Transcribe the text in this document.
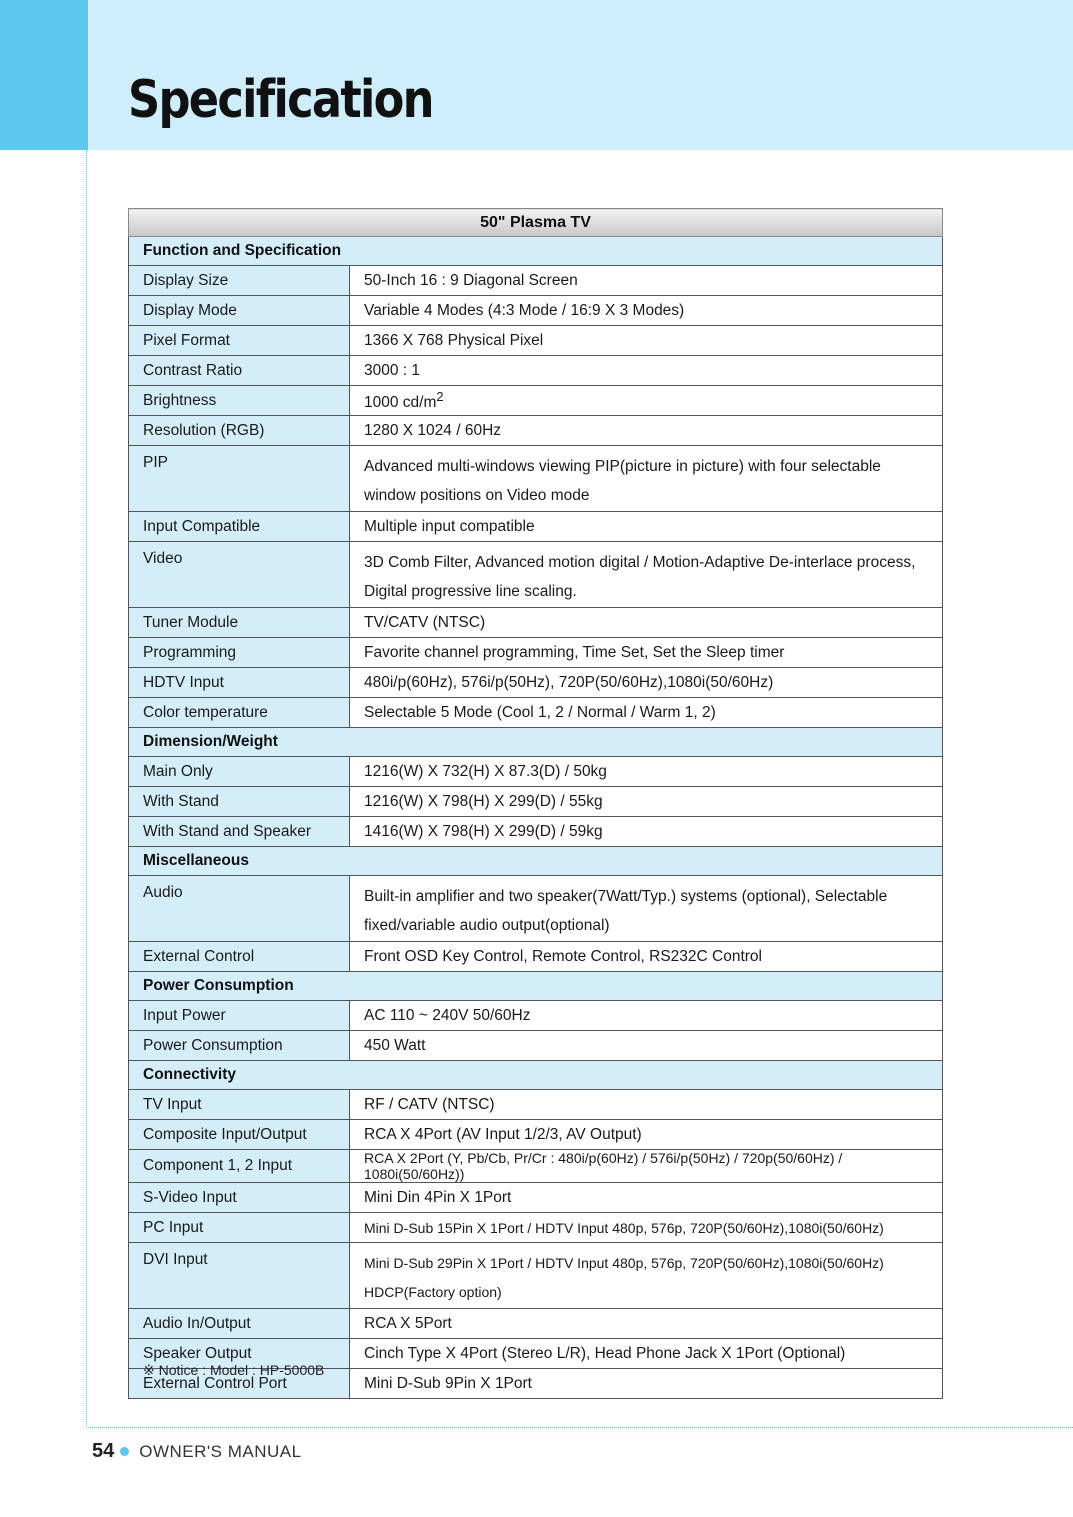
Specification
50" Plasma TV	
Function and Specification	
Display Size	50-Inch 16 : 9 Diagonal Screen
Display Mode	Variable 4 Modes (4:3 Mode / 16:9 X 3 Modes)
Pixel Format	1366 X 768 Physical Pixel
Contrast Ratio	3000 : 1
Brightness	1000 $cd/m^2$
Resolution (RGB)	1280 X 1024 / 60Hz
PIP	Advanced multi-windows viewing PIP(picture in picture) with four selectable window positions on Video mode
Input Compatible	Multiple input compatible
Video	3D Comb Filter, Advanced motion digital / Motion-Adaptive De-interlace process, Digital progressive line scaling.
Tuner Module	TV/CATV (NTSC)
Programming	Favorite channel programming, Time Set, Set the Sleep timer
HDTV Input	480i/p(60Hz), 576i/p(50Hz), 720P(50/60Hz),1080i(50/60Hz)
Color temperature	Selectable 5 Mode (Cool 1, 2 / Normal / Warm 1, 2)
Dimension/Weight	
Main Only	1216(W) X 732(H) X 87.3(D) / 50kg
With Stand	1216(W) X 798(H) X 299(D) / 55kg
With Stand and Speaker	1416(W) X 798(H) X 299(D) / 59kg
Miscellaneous	
Audio	Built-in amplifier and two speaker(7Watt/Typ.) systems (optional), Selectable fixed/variable audio output(optional)
External Control	Front OSD Key Control, Remote Control, RS232C Control
Power Consumption	
Input Power	AC 110 ~ 240V 50/60Hz
Power Consumption	450 Watt
Connectivity	
TV Input	RF / CATV (NTSC)
Composite Input/Output	RCA X 4Port (AV Input 1/2/3, AV Output)
Component 1, 2 Input	RCA X 2Port (Y, Pb/Cb, Pr/Cr : 480i/p(60Hz) / 576i/p(50Hz) / 720p(50/60Hz) / 1080i(50/60Hz))
S-Video Input	Mini Din 4Pin X 1Port
PC Input	Mini D-Sub 15Pin X 1Port / HDTV Input 480p, 576p, 720P(50/60Hz),1080i(50/60Hz)
DVI Input	Mini D-Sub 29Pin X 1Port / HDTV Input 480p, 576p, 720P(50/60Hz),1080i(50/60Hz) HDCP(Factory option)
Audio In/Output	RCA X 5Port
Speaker Output	Cinch Type X 4Port (Stereo L/R), Head Phone Jack X 1Port (Optional)
External Control Port	Mini D-Sub 9Pin X 1Port
※ Notice : Model : HP-5000B
54 OWNER'S MANUAL
